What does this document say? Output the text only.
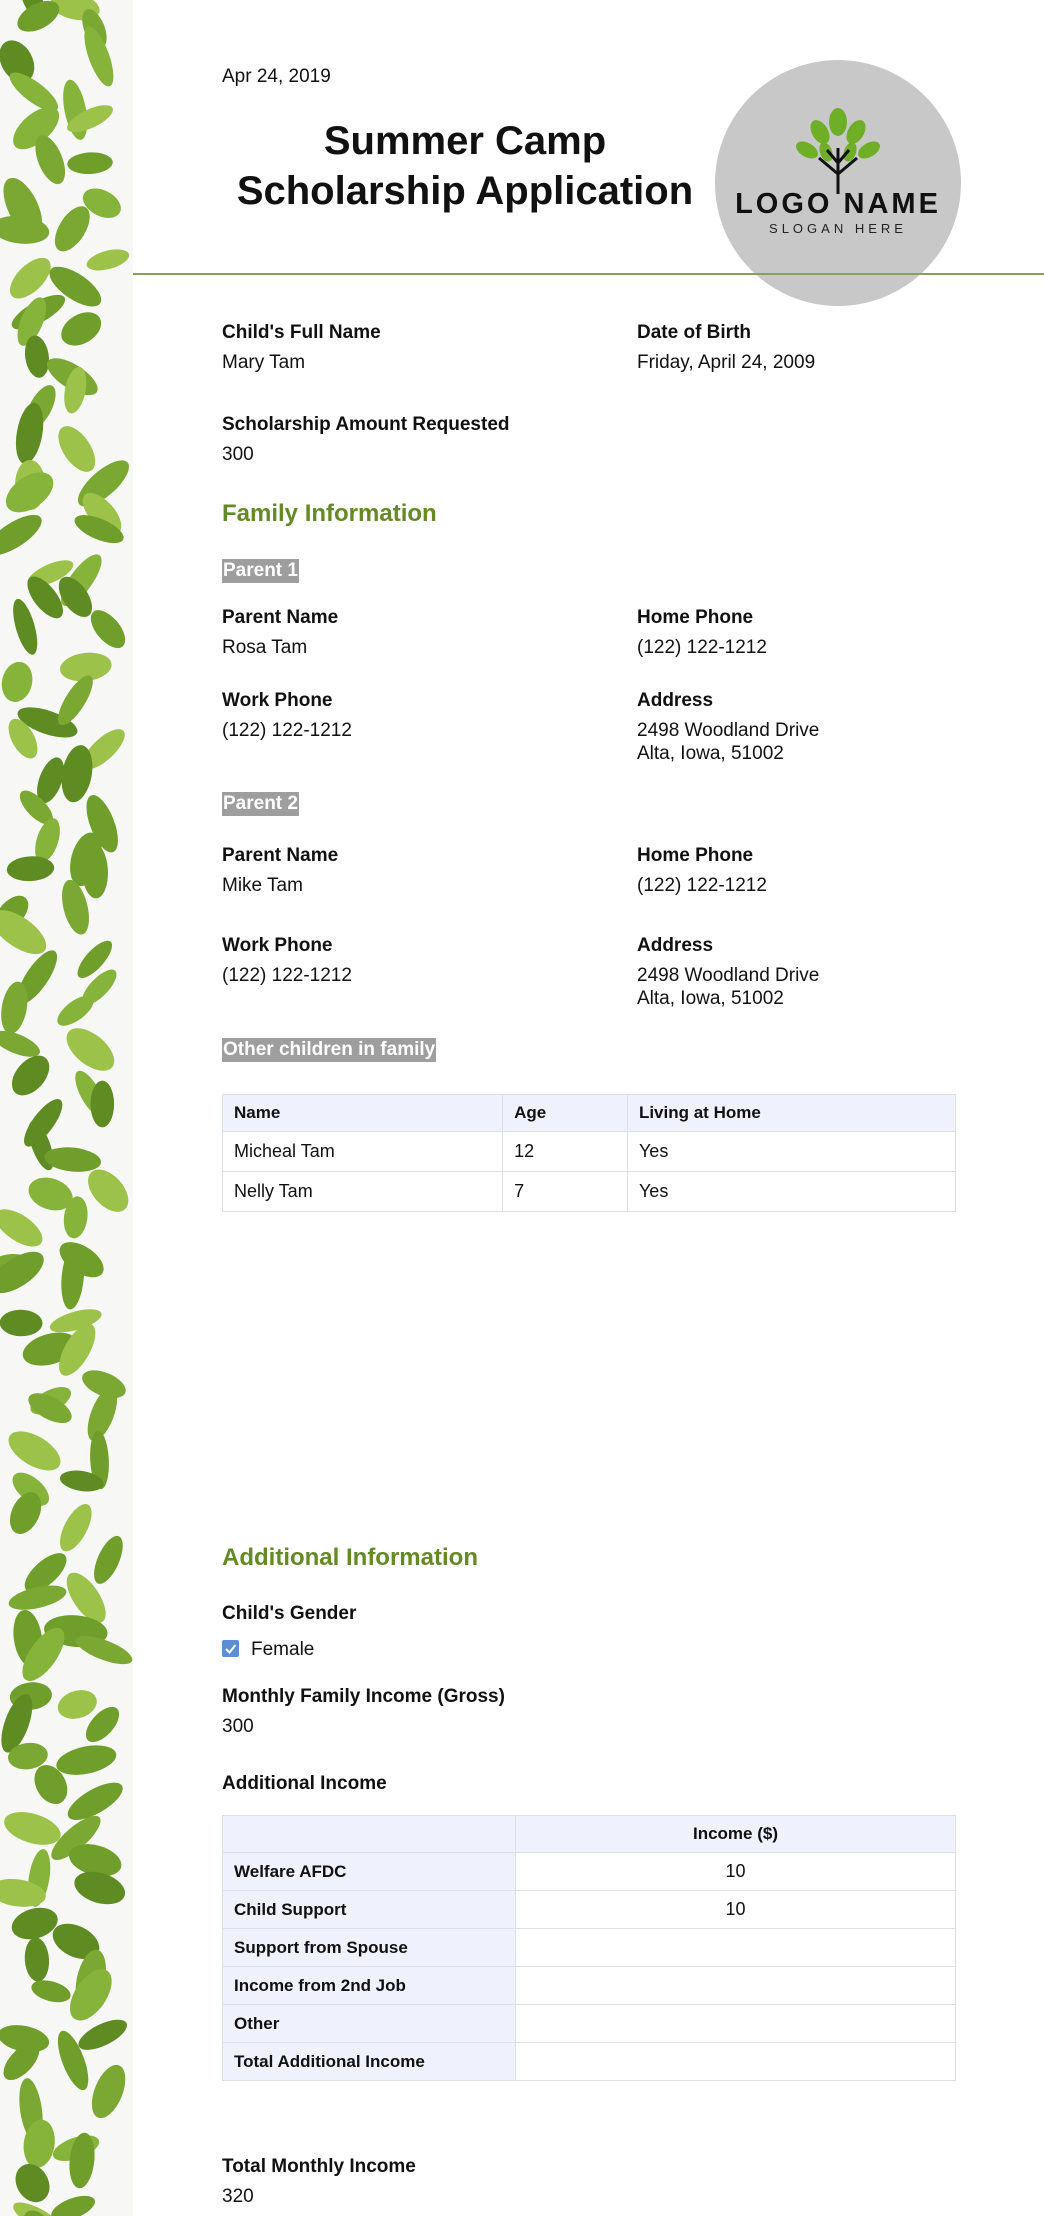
Apr 24, 2019
Summer Camp
Scholarship Application	LOGO NAME
SLOGAN HERE
Child's Full Name
Mary Tam
Date of Birth
Friday, April 24, 2009
Scholarship Amount Requested
300
Family Information
Parent 1
Parent Name
Rosa Tam
Home Phone
(122) 122-1212
Work Phone
(122) 122-1212
Address
2498 Woodland Drive
Alta, Iowa, 51002
Parent 2
Parent Name
Mike Tam
Home Phone
(122) 122-1212
Work Phone
(122) 122-1212
Address
2498 Woodland Drive
Alta, Iowa, 51002
Other children in family
Name	Age	Living at Home
Micheal Tam	12	Yes
Nelly Tam	7	Yes
Additional Information
Child's Gender
Female
Monthly Family Income (Gross)
300
Additional Income
	Income ($)
Welfare AFDC	10
Child Support	10
Support from Spouse	
Income from 2nd Job	
Other	
Total Additional Income	
Total Monthly Income
320
